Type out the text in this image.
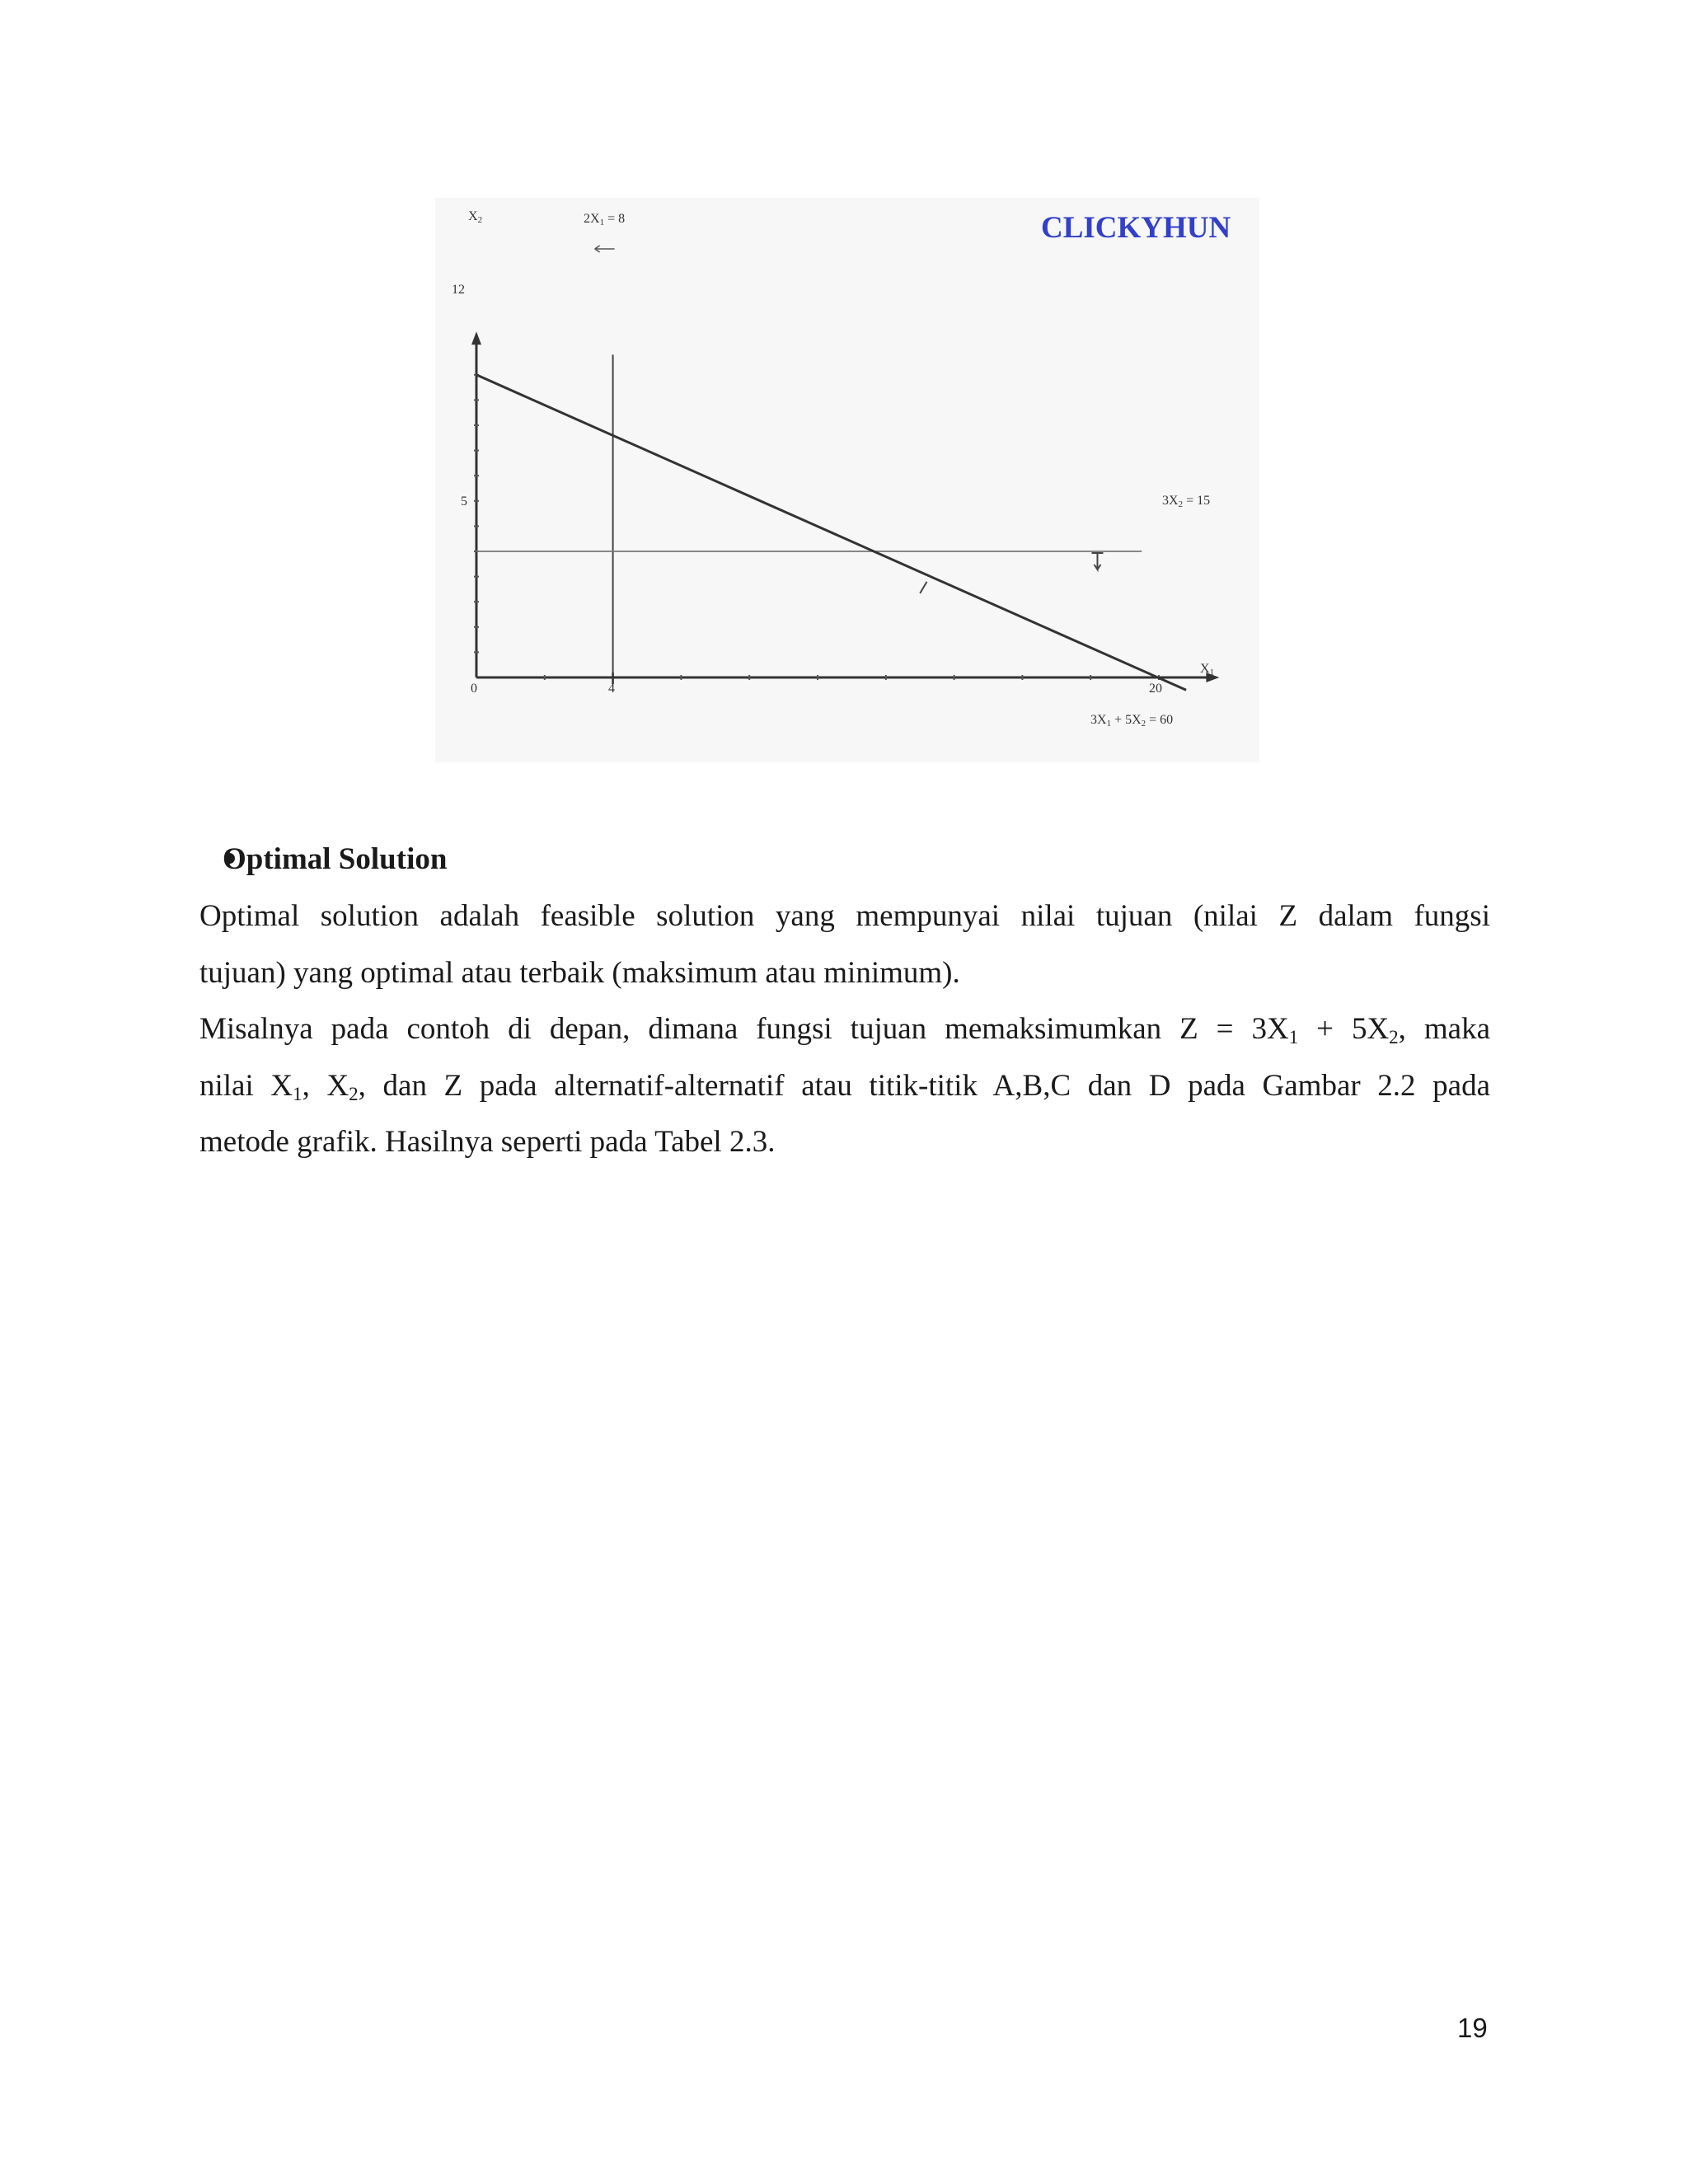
CLICKYHUN
X2
X1
12
5
0	4	20
2X1 = 8
3X2 = 15
3X1 + 5X2 = 60
Optimal Solution
Optimal solution adalah feasible solution yang mempunyai nilai tujuan (nilai Z dalam fungsi
tujuan) yang optimal atau terbaik (maksimum atau minimum).
Misalnya pada contoh di depan, dimana fungsi tujuan memaksimumkan $Z = 3X_1 + 5X_2$, maka
nilai $X_1$, $X_2$, dan Z pada alternatif-alternatif atau titik-titik A,B,C dan D pada Gambar 2.2 pada
metode grafik. Hasilnya seperti pada Tabel 2.3.
19
